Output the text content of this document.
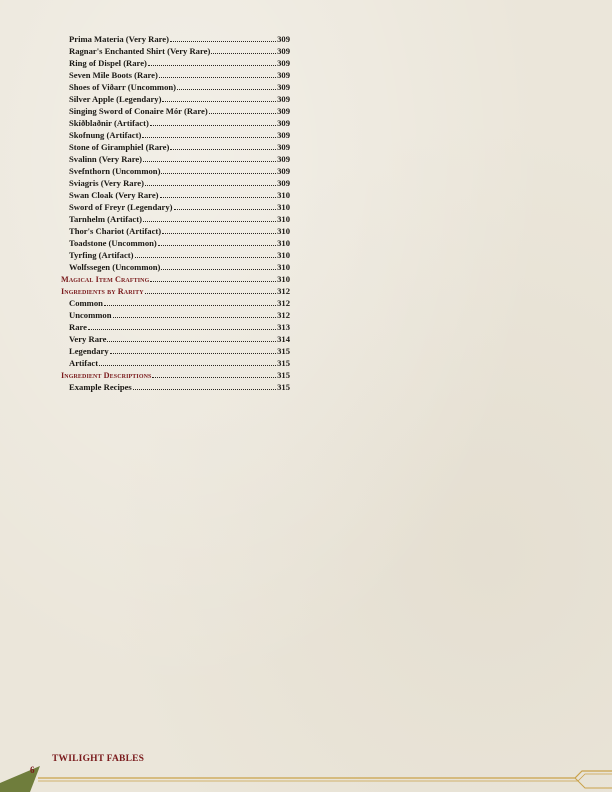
Prima Materia (Very Rare)	309
Ragnar's Enchanted Shirt (Very Rare)	309
Ring of Dispel (Rare)	309
Seven Mile Boots (Rare)	309
Shoes of Viðarr (Uncommon)	309
Silver Apple (Legendary)	309
Singing Sword of Conaire Mór (Rare)	309
Skíðblaðnir (Artifact)	309
Skofnung (Artifact)	309
Stone of Giramphiel (Rare)	309
Svalinn (Very Rare)	309
Svefnthorn (Uncommon)	309
Sviagris (Very Rare)	309
Swan Cloak (Very Rare)	310
Sword of Freyr (Legendary)	310
Tarnhelm (Artifact)	310
Thor's Chariot (Artifact)	310
Toadstone (Uncommon)	310
Tyrfing (Artifact)	310
Wolfssegen (Uncommon)	310
Magical Item Crafting	310
Ingredients by Rarity	312
Common	312
Uncommon	312
Rare	313
Very Rare	314
Legendary	315
Artifact	315
Ingredient Descriptions	315
Example Recipes	315
TWILIGHT FABLES
6
